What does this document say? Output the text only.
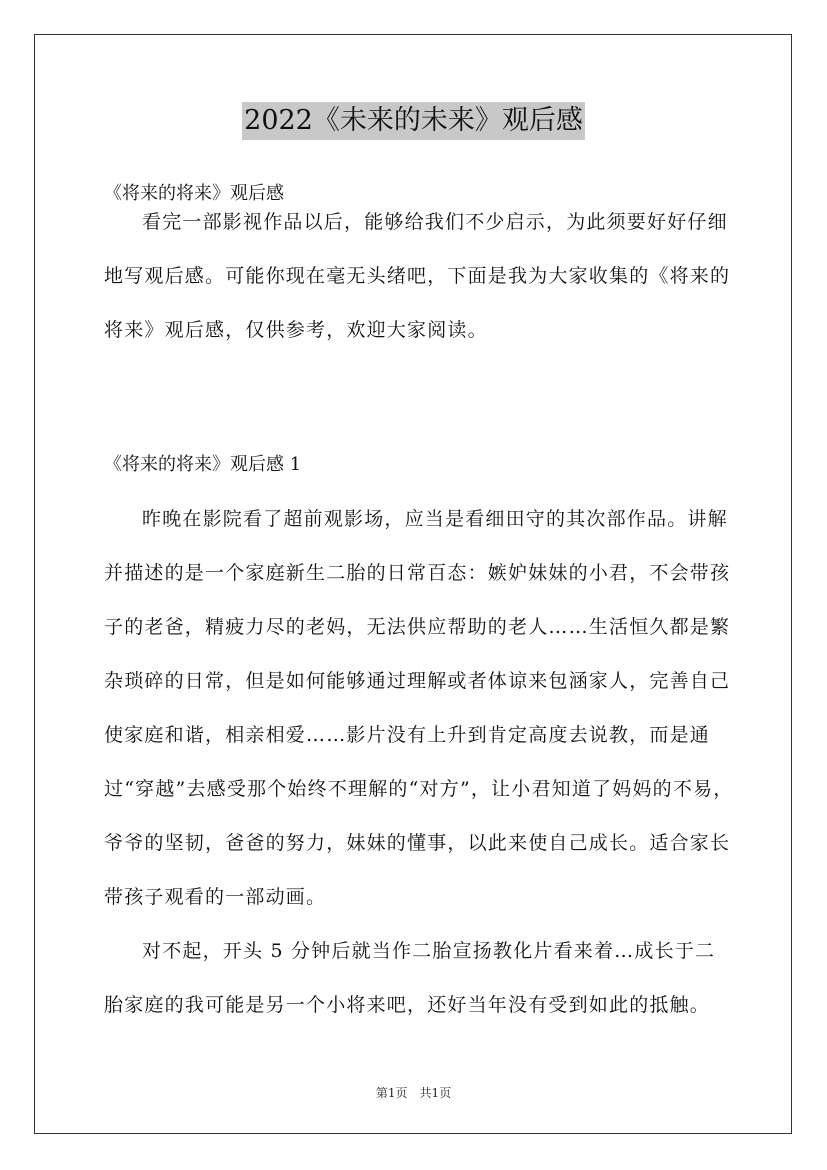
2022《未来的未来》观后感
《将来的将来》观后感

看完一部影视作品以后，能够给我们不少启示，为此须要好好仔细地写观后感。可能你现在毫无头绪吧，下面是我为大家收集的《将来的将来》观后感，仅供参考，欢迎大家阅读。

《将来的将来》观后感 1

昨晚在影院看了超前观影场，应当是看细田守的其次部作品。讲解并描述的是一个家庭新生二胎的日常百态：嫉妒妹妹的小君，不会带孩子的老爸，精疲力尽的老妈，无法供应帮助的老人……生活恒久都是繁杂琐碎的日常，但是如何能够通过理解或者体谅来包涵家人，完善自己使家庭和谐，相亲相爱……影片没有上升到肯定高度去说教，而是通过“穿越”去感受那个始终不理解的“对方”，让小君知道了妈妈的不易，爷爷的坚韧，爸爸的努力，妹妹的懂事，以此来使自己成长。适合家长带孩子观看的一部动画。

对不起，开头 5 分钟后就当作二胎宣扬教化片看来着…成长于二胎家庭的我可能是另一个小将来吧，还好当年没有受到如此的抵触。

第1页　共1页
